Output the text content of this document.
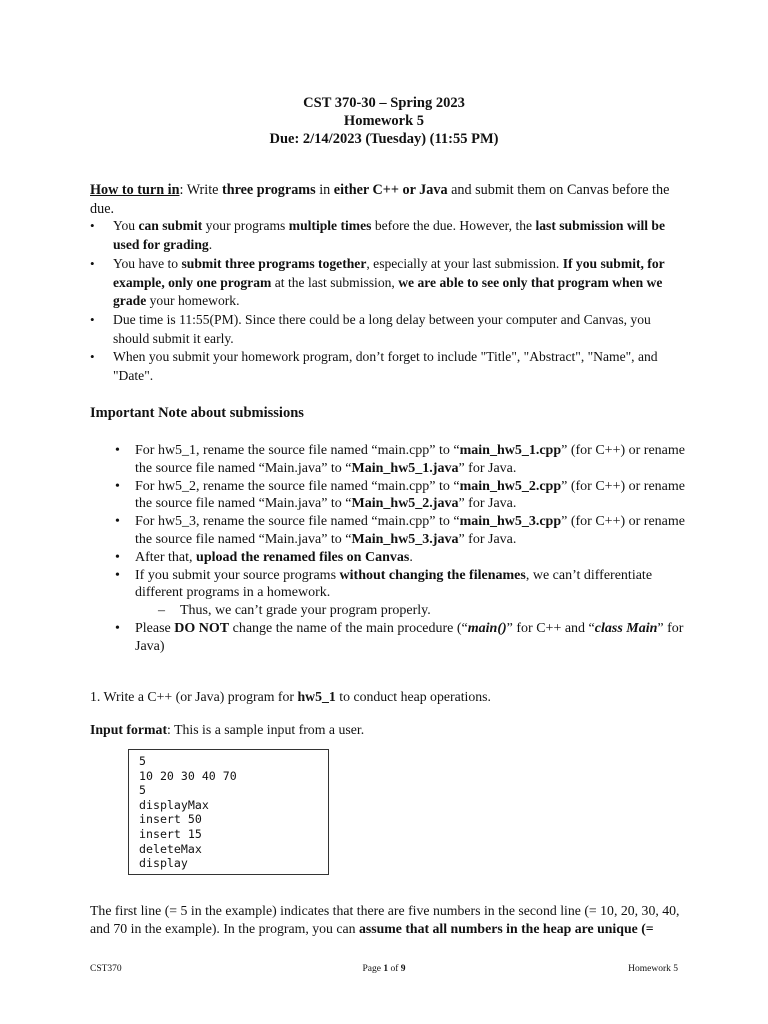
CST 370-30 – Spring 2023
Homework 5
Due: 2/14/2023 (Tuesday) (11:55 PM)
How to turn in: Write three programs in either C++ or Java and submit them on Canvas before the due.
• You can submit your programs multiple times before the due. However, the last submission will be used for grading.
• You have to submit three programs together, especially at your last submission. If you submit, for example, only one program at the last submission, we are able to see only that program when we grade your homework.
• Due time is 11:55(PM). Since there could be a long delay between your computer and Canvas, you should submit it early.
• When you submit your homework program, don’t forget to include "Title", "Abstract", "Name", and "Date".
Important Note about submissions
• For hw5_1, rename the source file named “main.cpp” to “main_hw5_1.cpp” (for C++) or rename the source file named “Main.java” to “Main_hw5_1.java” for Java.
• For hw5_2, rename the source file named “main.cpp” to “main_hw5_2.cpp” (for C++) or rename the source file named “Main.java” to “Main_hw5_2.java” for Java.
• For hw5_3, rename the source file named “main.cpp” to “main_hw5_3.cpp” (for C++) or rename the source file named “Main.java” to “Main_hw5_3.java” for Java.
• After that, upload the renamed files on Canvas.
• If you submit your source programs without changing the filenames, we can’t differentiate different programs in a homework.
– Thus, we can’t grade your program properly.
• Please DO NOT change the name of the main procedure (“main()” for C++ and “class Main” for Java)
1. Write a C++ (or Java) program for hw5_1 to conduct heap operations.
Input format: This is a sample input from a user.
5
10 20 30 40 70
5
displayMax
insert 50
insert 15
deleteMax
display
The first line (= 5 in the example) indicates that there are five numbers in the second line (= 10, 20, 30, 40, and 70 in the example). In the program, you can assume that all numbers in the heap are unique (=
CST370	Page 1 of 9	Homework 5
